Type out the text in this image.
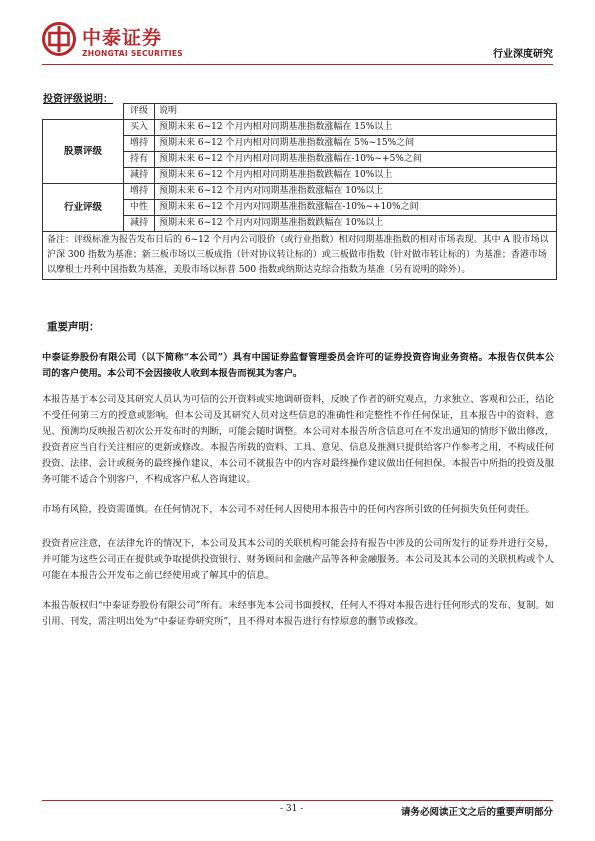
中泰证券
ZHONGTAI SECURITIES	行业深度研究
投资评级说明：
	评级	说明
股票评级	买入	预期未来 6~12 个月内相对同期基准指数涨幅在 15%以上
	增持	预期未来 6~12 个月内相对同期基准指数涨幅在 5%~15%之间
	持有	预期未来 6~12 个月内相对同期基准指数涨幅在-10%~+5%之间
	减持	预期未来 6~12 个月内相对同期基准指数跌幅在 10%以上
行业评级	增持	预期未来 6~12 个月内对同期基准指数涨幅在 10%以上
	中性	预期未来 6~12 个月内对同期基准指数涨幅在-10%~+10%之间
	减持	预期未来 6~12 个月内对同期基准指数跌幅在 10%以上
备注：评级标准为报告发布日后的 6~12 个月内公司股价（或行业指数）相对同期基准指数的相对市场表现。其中 A 股市场以沪深 300 指数为基准；新三板市场以三板成指（针对协议转让标的）或三板做市指数（针对做市转让标的）为基准；香港市场以摩根士丹利中国指数为基准，美股市场以标普 500 指数或纳斯达克综合指数为基准（另有说明的除外）。		
重要声明：
中泰证券股份有限公司（以下简称“本公司”）具有中国证券监督管理委员会许可的证券投资咨询业务资格。本报告仅供本公司的客户使用。本公司不会因接收人收到本报告而视其为客户。
本报告基于本公司及其研究人员认为可信的公开资料或实地调研资料，反映了作者的研究观点，力求独立、客观和公正，结论不受任何第三方的授意或影响。但本公司及其研究人员对这些信息的准确性和完整性不作任何保证，且本报告中的资料、意见、预测均反映报告初次公开发布时的判断，可能会随时调整。本公司对本报告所含信息可在不发出通知的情形下做出修改，投资者应当自行关注相应的更新或修改。本报告所载的资料、工具、意见、信息及推测只提供给客户作参考之用，不构成任何投资、法律、会计或税务的最终操作建议，本公司不就报告中的内容对最终操作建议做出任何担保。本报告中所指的投资及服务可能不适合个别客户，不构成客户私人咨询建议。
市场有风险，投资需谨慎。在任何情况下，本公司不对任何人因使用本报告中的任何内容所引致的任何损失负任何责任。
投资者应注意，在法律允许的情况下，本公司及其本公司的关联机构可能会持有报告中涉及的公司所发行的证券并进行交易，并可能为这些公司正在提供或争取提供投资银行、财务顾问和金融产品等各种金融服务。本公司及其本公司的关联机构或个人可能在本报告公开发布之前已经使用或了解其中的信息。
本报告版权归“中泰证券股份有限公司”所有。未经事先本公司书面授权，任何人不得对本报告进行任何形式的发布、复制。如引用、刊发，需注明出处为“中泰证券研究所”，且不得对本报告进行有悖原意的删节或修改。
- 31 -	请务必阅读正文之后的重要声明部分
